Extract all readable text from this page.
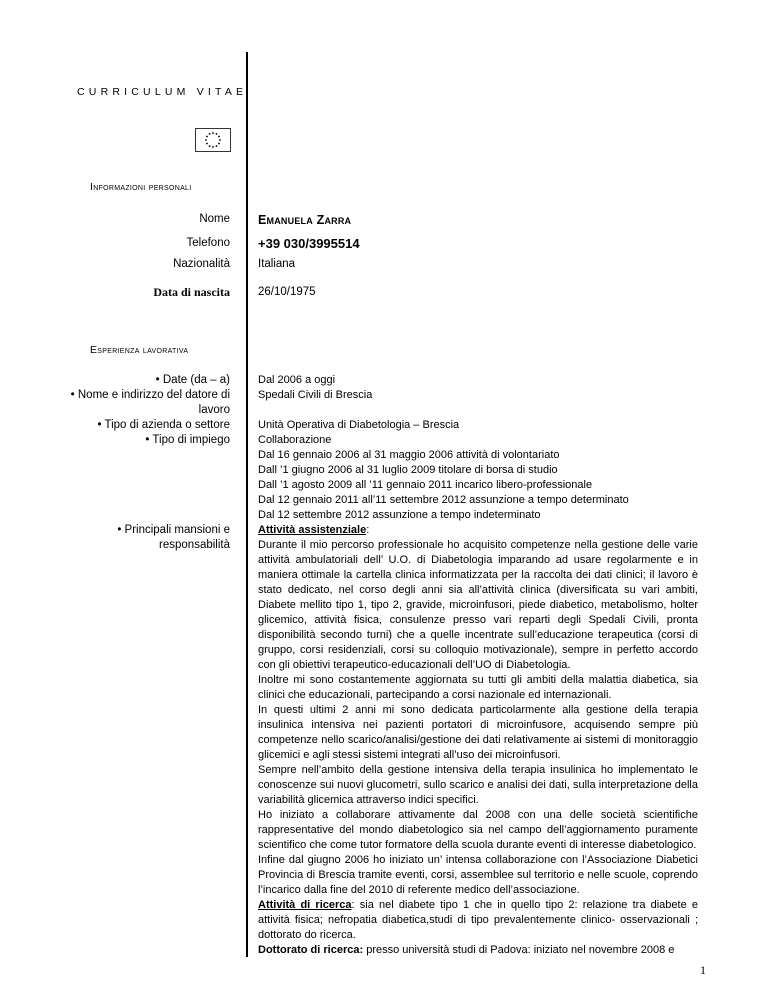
CURRICULUM VITAE
Informazioni personali
Nome Emanuela Zarra
Telefono +39 030/3995514
Nazionalità Italiana
Data di nascita 26/10/1975
Esperienza lavorativa
• Date (da – a)
• Nome e indirizzo del datore di
lavoro
• Tipo di azienda o settore
• Tipo di impiego
• Principali mansioni e responsabilità
Dal 2006 a oggi
Spedali Civili di Brescia
Unità Operativa di Diabetologia – Brescia
Collaborazione
Dal 16 gennaio 2006 al 31 maggio 2006 attività di volontariato
Dall ’1 giugno 2006 al 31 luglio 2009 titolare di borsa di studio
Dall ’1 agosto 2009 all ’11 gennaio 2011 incarico libero-professionale
Dal 12 gennaio 2011 all’11 settembre 2012 assunzione a tempo determinato
Dal 12 settembre 2012 assunzione a tempo indeterminato
Attività assistenziale:

Durante il mio percorso professionale ho acquisito competenze nella gestione delle varie attività ambulatoriali dell’ U.O. di Diabetologia imparando ad usare regolarmente e in maniera ottimale la cartella clinica informatizzata per la raccolta dei dati clinici; il lavoro è stato dedicato, nel corso degli anni sia all’attività clinica (diversificata su vari ambiti, Diabete mellito tipo 1, tipo 2, gravide, microinfusori, piede diabetico, metabolismo, holter glicemico, attività fisica, consulenze presso vari reparti degli Spedali Civili, pronta disponibilità secondo turni) che a quelle incentrate sull’educazione terapeutica (corsi di gruppo, corsi residenziali, corsi su colloquio motivazionale), sempre in perfetto accordo con gli obiettivi terapeutico-educazionali dell’UO di Diabetologia.

Inoltre mi sono costantemente aggiornata su tutti gli ambiti della malattia diabetica, sia clinici che educazionali, partecipando a corsi nazionale ed internazionali.

In questi ultimi 2 anni mi sono dedicata particolarmente alla gestione della terapia insulinica intensiva nei pazienti portatori di microinfusore, acquisendo sempre più competenze nello scarico/analisi/gestione dei dati relativamente ai sistemi di monitoraggio glicemici e agli stessi sistemi integrati all’uso dei microinfusori.

Sempre nell’ambito della gestione intensiva della terapia insulinica ho implementato le conoscenze sui nuovi glucometri, sullo scarico e analisi dei dati, sulla interpretazione della variabilità glicemica attraverso indici specifici.

Ho iniziato a collaborare attivamente dal 2008 con una delle società scientifiche rappresentative del mondo diabetologico sia nel campo dell’aggiornamento puramente scientifico che come tutor formatore della scuola durante eventi di interesse diabetologico.

Infine dal giugno 2006 ho iniziato un’ intensa collaborazione con l’Associazione Diabetici Provincia di Brescia tramite eventi, corsi, assemblee sul territorio e nelle scuole, coprendo l’incarico dalla fine del 2010 di referente medico dell’associazione.

Attività di ricerca: sia nel diabete tipo 1 che in quello tipo 2: relazione tra diabete e attività fisica; nefropatia diabetica,studi di tipo prevalentemente clinico- osservazionali ; dottorato do ricerca.

Dottorato di ricerca: presso università studi di Padova: iniziato nel novembre 2008 e

1
